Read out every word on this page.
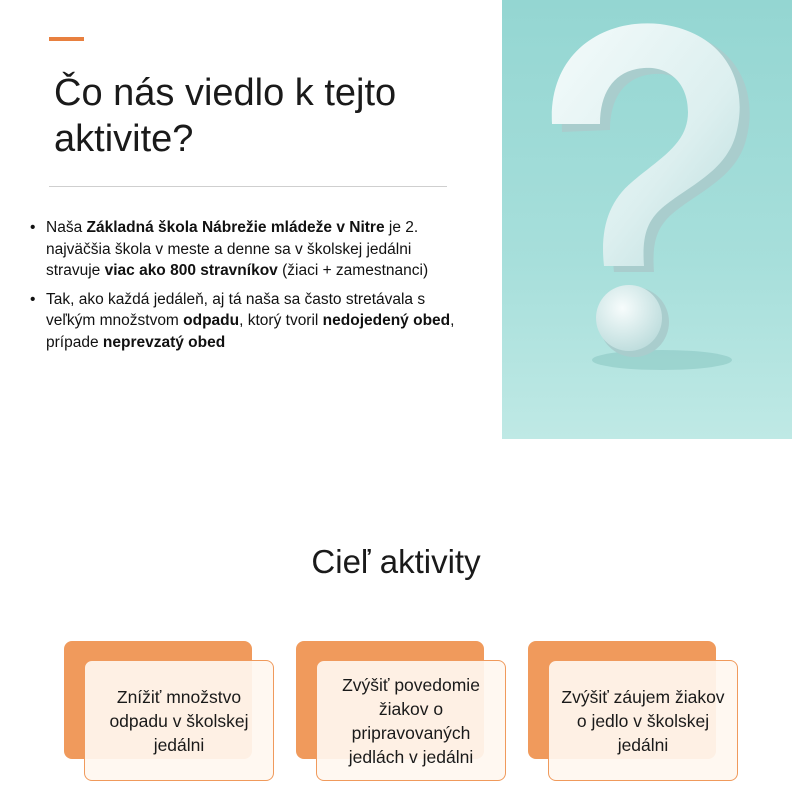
Čo nás viedlo k tejto
aktivite?
• Naša Základná škola Nábrežie mládeže v Nitre je 2. najväčšia škola v meste a denne sa v školskej jedálni stravuje viac ako 800 stravníkov (žiaci + zamestnanci)
• Tak, ako každá jedáleň, aj tá naša sa často stretávala s veľkým množstvom odpadu, ktorý tvoril nedojedený obed, prípade neprevzatý obed
Cieľ aktivity
Znížiť množstvo odpadu v školskej jedálni
Zvýšiť povedomie žiakov o pripravovaných jedlách v jedálni
Zvýšiť záujem žiakov o jedlo v školskej jedálni
